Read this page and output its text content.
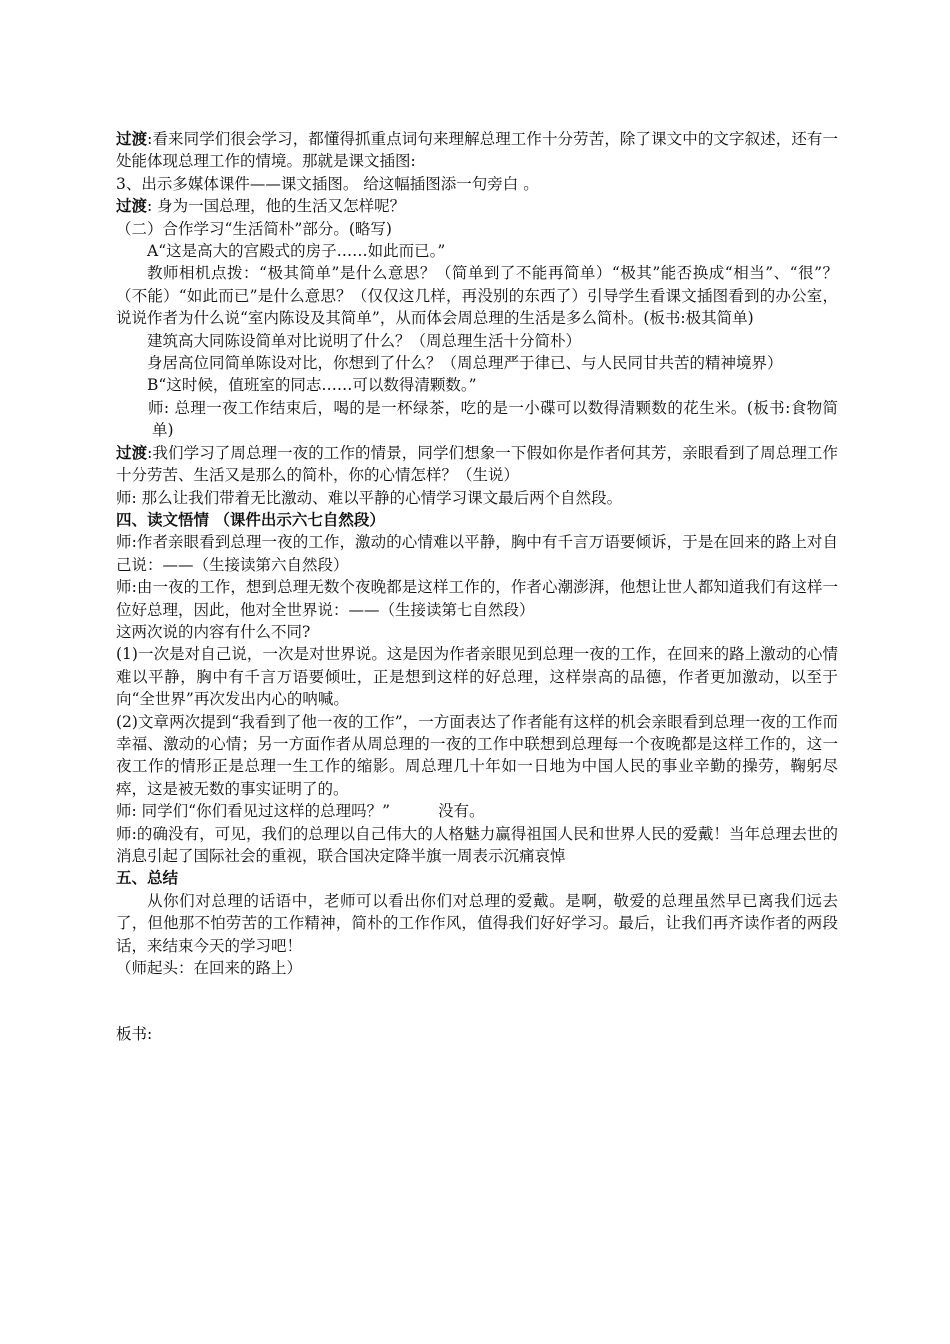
过渡:看来同学们很会学习，都懂得抓重点词句来理解总理工作十分劳苦，除了课文中的文字叙述，还有一处能体现总理工作的情境。那就是课文插图:

3、出示多媒体课件——课文插图。 给这幅插图添一句旁白 。

过渡: 身为一国总理，他的生活又怎样呢？

（二）合作学习“生活简朴”部分。(略写)

A“这是高大的宫殿式的房子……如此而已。”

教师相机点拨：“极其简单”是什么意思？（简单到了不能再简单）“极其”能否换成“相当”、“很”？（不能）“如此而已”是什么意思？（仅仅这几样，再没别的东西了）引导学生看课文插图看到的办公室，说说作者为什么说“室内陈设及其简单”，从而体会周总理的生活是多么简朴。(板书:极其简单)

建筑高大同陈设简单对比说明了什么？（周总理生活十分简朴）

身居高位同简单陈设对比，你想到了什么？（周总理严于律已、与人民同甘共苦的精神境界）

B“这时候，值班室的同志……可以数得清颗数。”

师: 总理一夜工作结束后，喝的是一杯绿茶，吃的是一小碟可以数得清颗数的花生米。(板书:食物简单)

过渡:我们学习了周总理一夜的工作的情景，同学们想象一下假如你是作者何其芳，亲眼看到了周总理工作十分劳苦、生活又是那么的简朴，你的心情怎样？（生说）

师: 那么让我们带着无比激动、难以平静的心情学习课文最后两个自然段。

四、读文悟情 （课件出示六七自然段）

师:作者亲眼看到总理一夜的工作，激动的心情难以平静，胸中有千言万语要倾诉，于是在回来的路上对自己说：——（生接读第六自然段）

师:由一夜的工作，想到总理无数个夜晚都是这样工作的，作者心潮澎湃，他想让世人都知道我们有这样一位好总理，因此，他对全世界说：——（生接读第七自然段）

这两次说的内容有什么不同?

(1)一次是对自己说，一次是对世界说。这是因为作者亲眼见到总理一夜的工作，在回来的路上激动的心情难以平静，胸中有千言万语要倾吐，正是想到这样的好总理，这样崇高的品德，作者更加激动，以至于向“全世界”再次发出内心的呐喊。

(2)文章两次提到“我看到了他一夜的工作”，一方面表达了作者能有这样的机会亲眼看到总理一夜的工作而幸福、激动的心情；另一方面作者从周总理的一夜的工作中联想到总理每一个夜晚都是这样工作的，这一夜工作的情形正是总理一生工作的缩影。周总理几十年如一日地为中国人民的事业辛勤的操劳，鞠躬尽瘁，这是被无数的事实证明了的。

师: 同学们“你们看见过这样的总理吗？”	没有。

师:的确没有，可见，我们的总理以自己伟大的人格魅力赢得祖国人民和世界人民的爱戴！当年总理去世的消息引起了国际社会的重视，联合国决定降半旗一周表示沉痛哀悼

五、总结

从你们对总理的话语中，老师可以看出你们对总理的爱戴。是啊，敬爱的总理虽然早已离我们远去了，但他那不怕劳苦的工作精神，简朴的工作作风，值得我们好好学习。最后，让我们再齐读作者的两段话，来结束今天的学习吧！

（师起头：在回来的路上）

板书:
